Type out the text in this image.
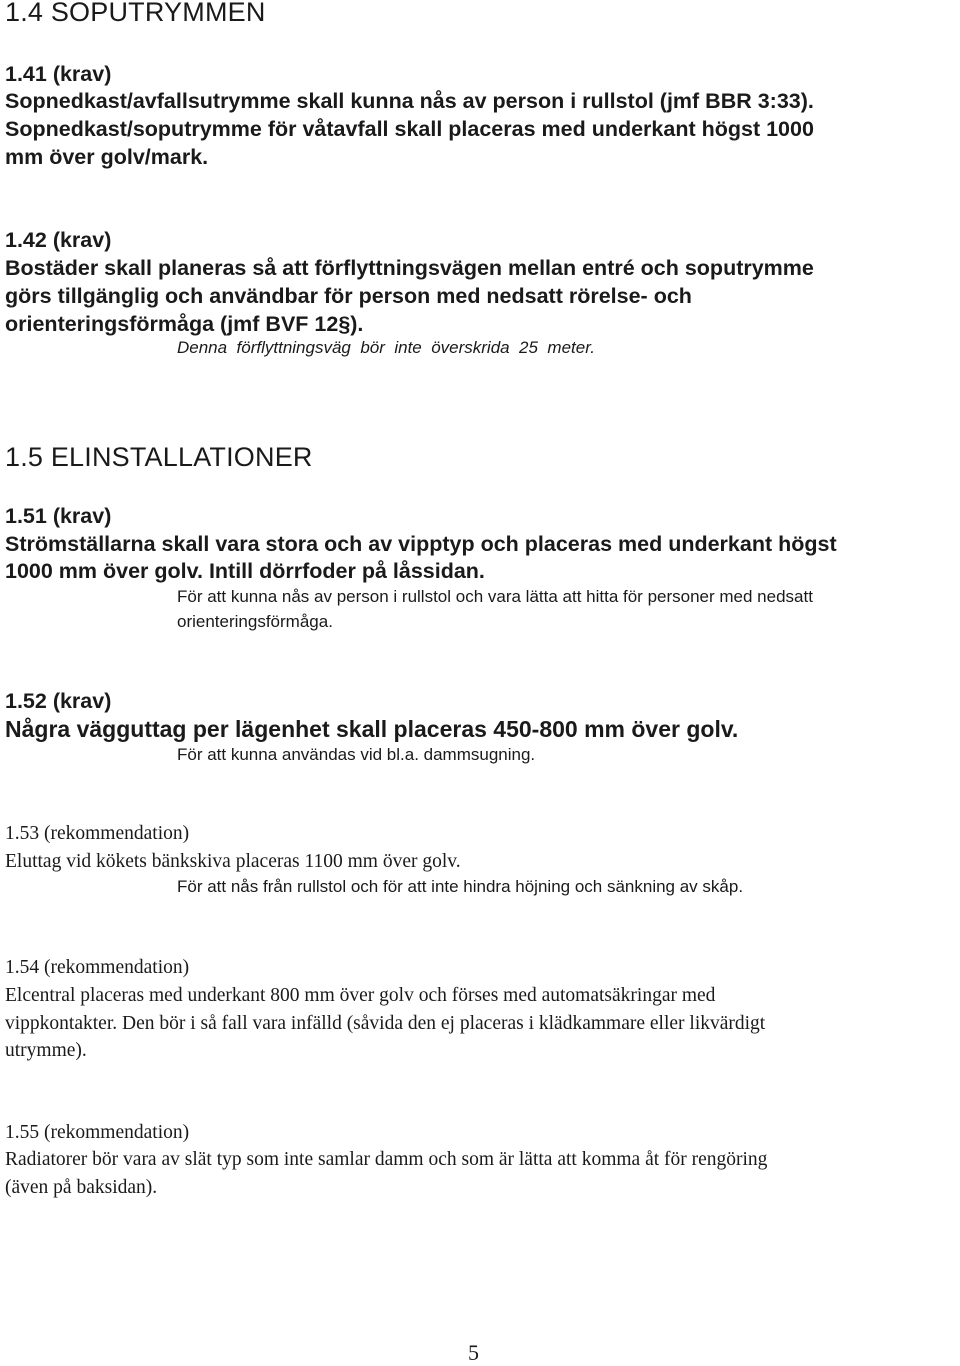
1.4 SOPUTRYMMEN
1.41 (krav)
Sopnedkast/avfallsutrymme skall kunna nås av person i rullstol (jmf BBR 3:33).
Sopnedkast/soputrymme för våtavfall skall placeras med underkant högst 1000
mm över golv/mark.
1.42 (krav)
Bostäder skall planeras så att förflyttningsvägen mellan entré och soputrymme
görs tillgänglig och användbar för person med nedsatt rörelse- och
orienteringsförmåga (jmf BVF 12§).
Denna  förflyttningsväg  bör  inte  överskrida  25  meter.
1.5 ELINSTALLATIONER
1.51 (krav)
Strömställarna skall vara stora och av vipptyp och placeras med underkant högst
1000 mm över golv. Intill dörrfoder på låssidan.
För att kunna nås av person i rullstol och vara lätta att hitta för personer med nedsatt
orienteringsförmåga.
1.52 (krav)
Några vägguttag per lägenhet skall placeras 450-800 mm över golv.
För att kunna användas vid bl.a. dammsugning.
1.53 (rekommendation)
Eluttag vid kökets bänkskiva placeras 1100 mm över golv.
För att nås från rullstol och för att inte hindra höjning och sänkning av skåp.
1.54 (rekommendation)
Elcentral placeras med underkant 800 mm över golv och förses med automatsäkringar med
vippkontakter. Den bör i så fall vara infälld (såvida den ej placeras i klädkammare eller likvärdigt
utrymme).
1.55 (rekommendation)
Radiatorer bör vara av slät typ som inte samlar damm och som är lätta att komma åt för rengöring
(även på baksidan).
5
